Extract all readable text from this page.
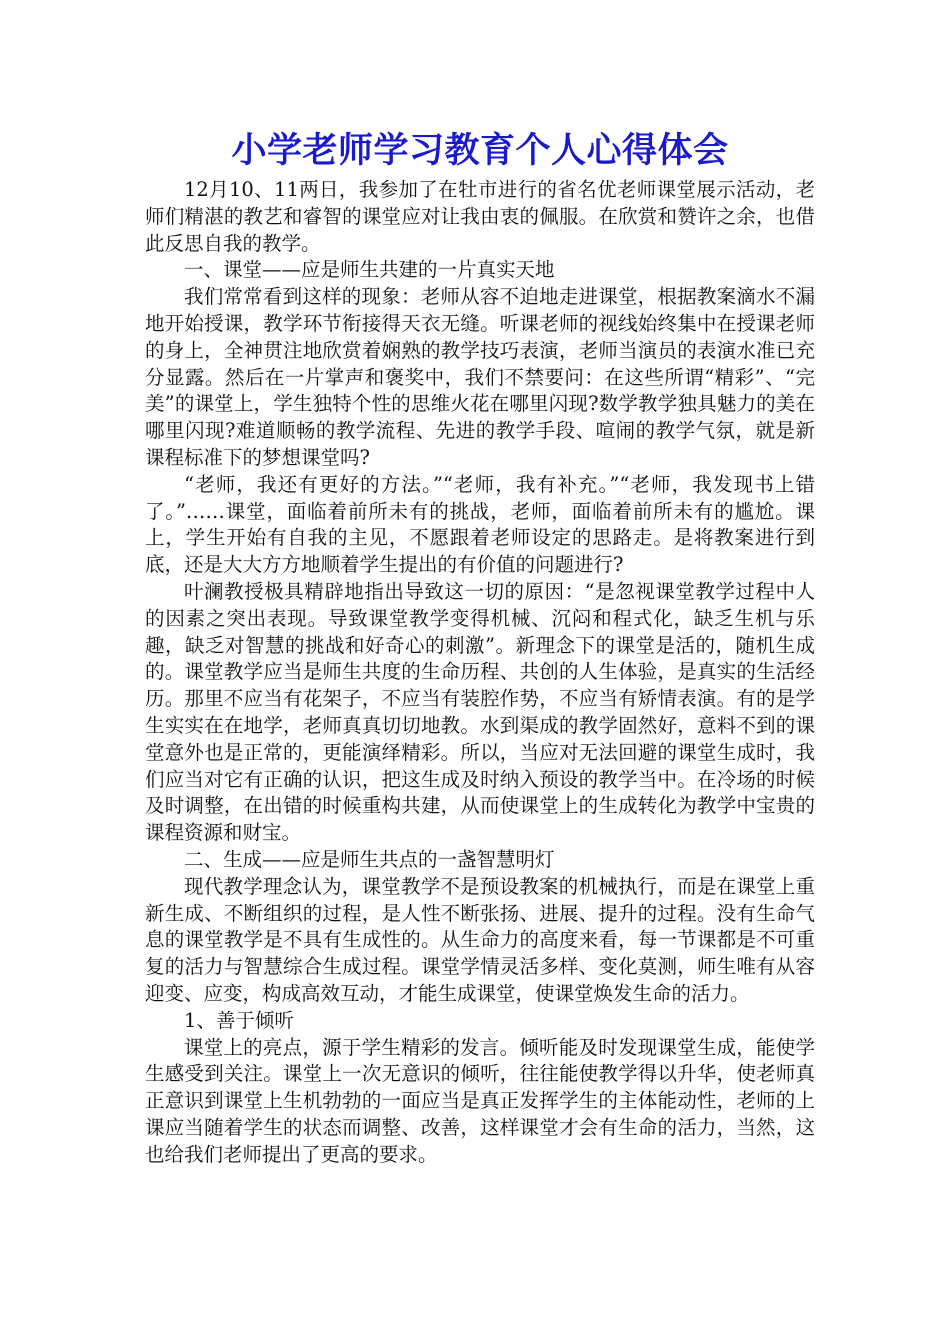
小学老师学习教育个人心得体会

12月10、11两日，我参加了在牡市进行的省名优老师课堂展示活动，老师们精湛的教艺和睿智的课堂应对让我由衷的佩服。在欣赏和赞许之余，也借此反思自我的教学。

一、课堂——应是师生共建的一片真实天地

我们常常看到这样的现象：老师从容不迫地走进课堂，根据教案滴水不漏地开始授课，教学环节衔接得天衣无缝。听课老师的视线始终集中在授课老师的身上，全神贯注地欣赏着娴熟的教学技巧表演，老师当演员的表演水准已充分显露。然后在一片掌声和褒奖中，我们不禁要问：在这些所谓“精彩”、“完美”的课堂上，学生独特个性的思维火花在哪里闪现?数学教学独具魅力的美在哪里闪现?难道顺畅的教学流程、先进的教学手段、喧闹的教学气氛，就是新课程标准下的梦想课堂吗?

“老师，我还有更好的方法。”“老师，我有补充。”“老师，我发现书上错了。”……课堂，面临着前所未有的挑战，老师，面临着前所未有的尴尬。课上，学生开始有自我的主见，不愿跟着老师设定的思路走。是将教案进行到底，还是大大方方地顺着学生提出的有价值的问题进行?

叶澜教授极具精辟地指出导致这一切的原因：“是忽视课堂教学过程中人的因素之突出表现。导致课堂教学变得机械、沉闷和程式化，缺乏生机与乐趣，缺乏对智慧的挑战和好奇心的刺激”。新理念下的课堂是活的，随机生成的。课堂教学应当是师生共度的生命历程、共创的人生体验，是真实的生活经历。那里不应当有花架子，不应当有装腔作势，不应当有矫情表演。有的是学生实实在在地学，老师真真切切地教。水到渠成的教学固然好，意料不到的课堂意外也是正常的，更能演绎精彩。所以，当应对无法回避的课堂生成时，我们应当对它有正确的认识，把这生成及时纳入预设的教学当中。在冷场的时候及时调整，在出错的时候重构共建，从而使课堂上的生成转化为教学中宝贵的课程资源和财宝。

二、生成——应是师生共点的一盏智慧明灯

现代教学理念认为，课堂教学不是预设教案的机械执行，而是在课堂上重新生成、不断组织的过程，是人性不断张扬、进展、提升的过程。没有生命气息的课堂教学是不具有生成性的。从生命力的高度来看，每一节课都是不可重复的活力与智慧综合生成过程。课堂学情灵活多样、变化莫测，师生唯有从容迎变、应变，构成高效互动，才能生成课堂，使课堂焕发生命的活力。

1、善于倾听

课堂上的亮点，源于学生精彩的发言。倾听能及时发现课堂生成，能使学生感受到关注。课堂上一次无意识的倾听，往往能使教学得以升华，使老师真正意识到课堂上生机勃勃的一面应当是真正发挥学生的主体能动性，老师的上课应当随着学生的状态而调整、改善，这样课堂才会有生命的活力，当然，这也给我们老师提出了更高的要求。
